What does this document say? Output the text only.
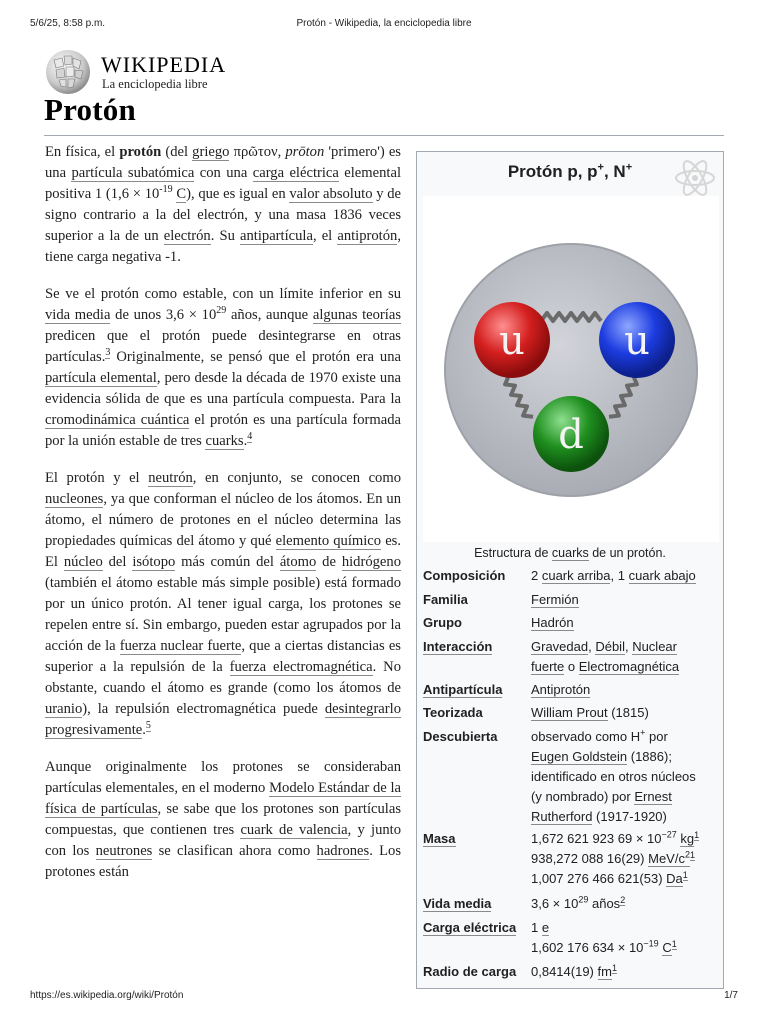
5/6/25, 8:58 p.m.	Protón - Wikipedia, la enciclopedia libre
WIKIPEDIA
La enciclopedia libre
Protón

En física, el protón (del griego πρῶτον, prōton 'primero') es una partícula subatómica con una carga eléctrica elemental positiva 1 ($1,6 \times 10^{-19}$ C), que es igual en valor absoluto y de signo contrario a la del electrón, y una masa 1836 veces superior a la de un electrón. Su antipartícula, el antiprotón, tiene carga negativa -1.

Se ve el protón como estable, con un límite inferior en su vida media de unos $3,6 \times 10^{29}$ años, aunque algunas teorías predicen que el protón puede desintegrarse en otras partículas.$^3$ Originalmente, se pensó que el protón era una partícula elemental, pero desde la década de 1970 existe una evidencia sólida de que es una partícula compuesta. Para la cromodinámica cuántica el protón es una partícula formada por la unión estable de tres cuarks.$^4$

El protón y el neutrón, en conjunto, se conocen como nucleones, ya que conforman el núcleo de los átomos. En un átomo, el número de protones en el núcleo determina las propiedades químicas del átomo y qué elemento químico es. El núcleo del isótopo más común del átomo de hidrógeno (también el átomo estable más simple posible) está formado por un único protón. Al tener igual carga, los protones se repelen entre sí. Sin embargo, pueden estar agrupados por la acción de la fuerza nuclear fuerte, que a ciertas distancias es superior a la repulsión de la fuerza electromagnética. No obstante, cuando el átomo es grande (como los átomos de uranio), la repulsión electromagnética puede desintegrarlo progresivamente.$^5$

Aunque originalmente los protones se consideraban partículas elementales, en el moderno Modelo Estándar de la física de partículas, se sabe que los protones son partículas compuestas, que contienen tres cuark de valencia, y junto con los neutrones se clasifican ahora como hadrones. Los protones están

Protón p, p+, N+
u u
d
Estructura de cuarks de un protón.
Composición	2 cuark arriba, 1 cuark abajo
Familia	Fermión
Grupo	Hadrón
Interacción	Gravedad, Débil, Nuclear
fuerte o Electromagnética
Antipartícula	Antiprotón
Teorizada	William Prout (1815)
Descubierta	observado como H+ por
Eugen Goldstein (1886);
identificado en otros núcleos
(y nombrado) por Ernest
Rutherford (1917-1920)
Masa	1,672 621 923 $69 \times 10^{-27}$ $kg^1$
938,272 088 16(29) MeV/$c^{21}$
1,007 276 466 621(53) Da$^1$
Vida media	$3,6 \times 10^{29}$ años$^2$
Carga eléctrica	1 e
1,602 176 $634 \times 10^{-19}$ $C^1$
Radio de carga	0,8414(19) $fm^1$
https://es.wikipedia.org/wiki/Protón	1/7
